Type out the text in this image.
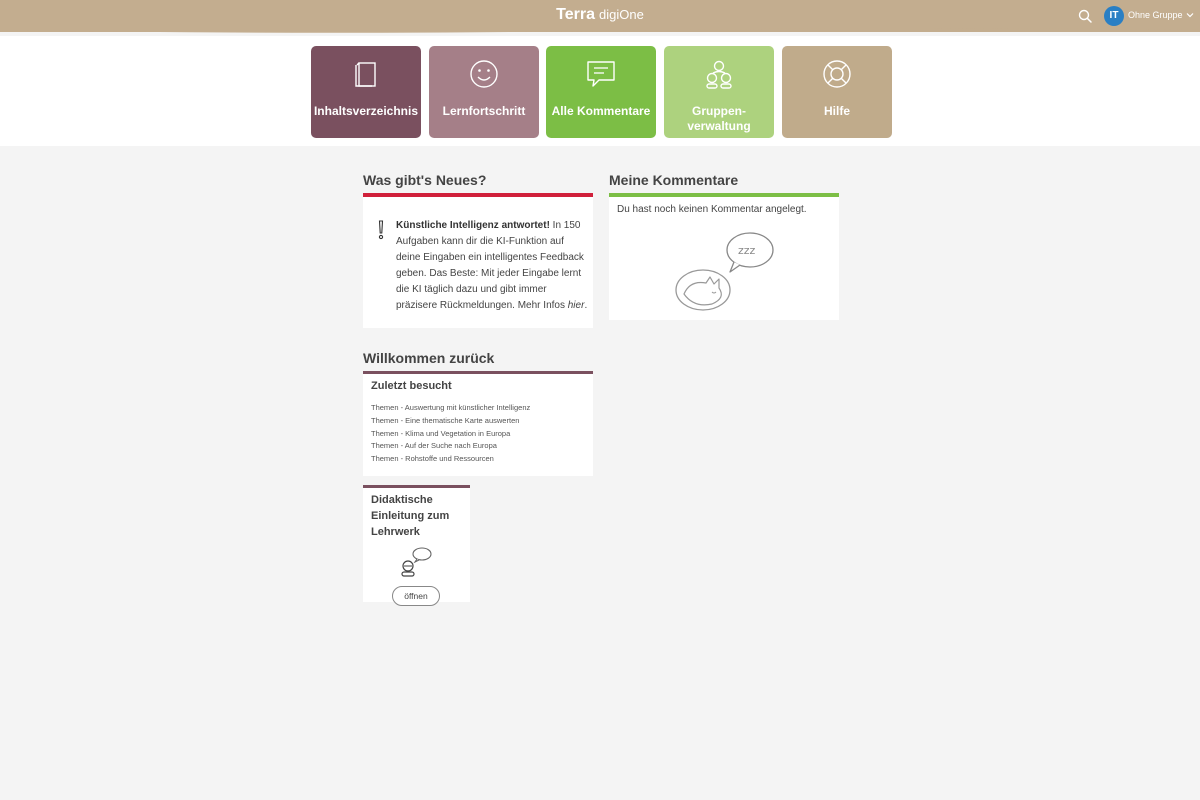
Terra digiOne	IT	Ohne Gruppe
Inhaltsverzeichnis	Lernfortschritt	Alle Kommentare	Gruppen-
verwaltung
Hilfe
Was gibt's Neues?
Künstliche Intelligenz antwortet! In 150 Aufgaben kann dir die KI-Funktion auf deine Eingaben ein intelligentes Feedback geben. Das Beste: Mit jeder Eingabe lernt die KI täglich dazu und gibt immer präzisere Rückmeldungen. Mehr Infos hier.
Meine Kommentare
Du hast noch keinen Kommentar angelegt.
zzz
Willkommen zurück
Zuletzt besucht
Themen - Auswertung mit künstlicher Intelligenz
Themen - Eine thematische Karte auswerten
Themen - Klima und Vegetation in Europa
Themen - Auf der Suche nach Europa
Themen - Rohstoffe und Ressourcen
Didaktische Einleitung zum Lehrwerk
öffnen
